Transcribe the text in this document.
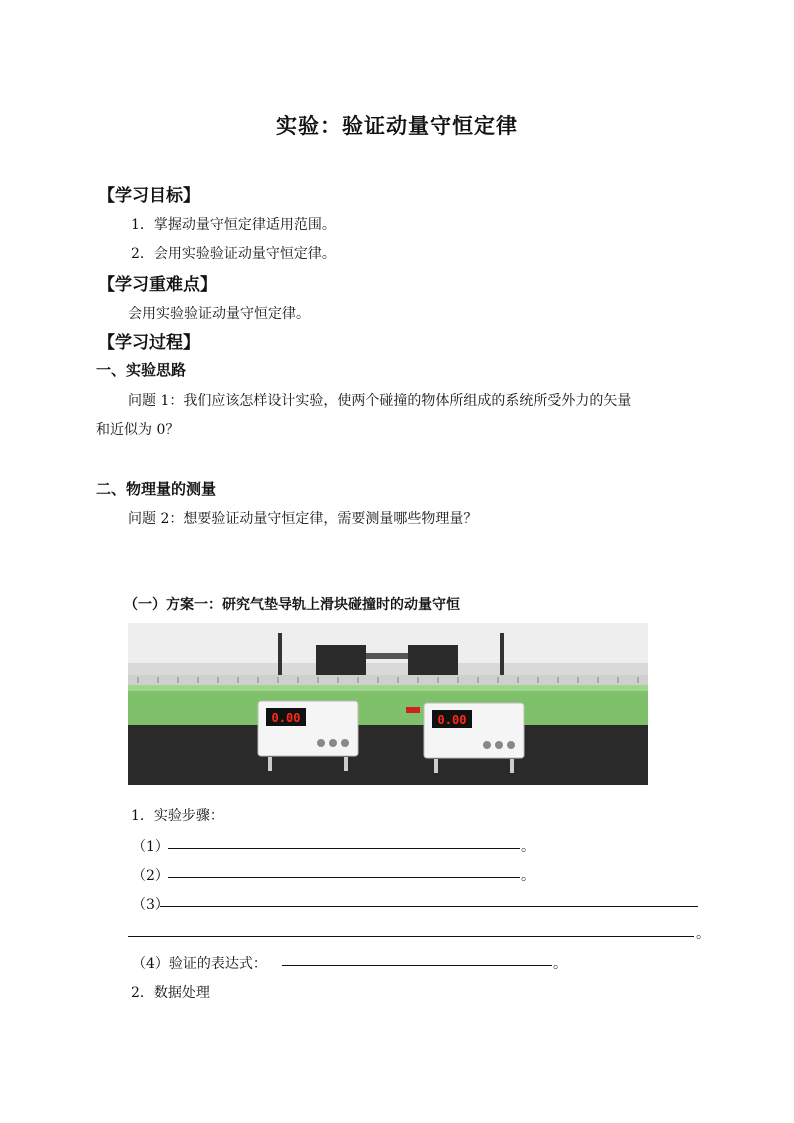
实验：验证动量守恒定律
【学习目标】
1．掌握动量守恒定律适用范围。
2．会用实验验证动量守恒定律。
【学习重难点】
会用实验验证动量守恒定律。
【学习过程】
一、实验思路
问题 1：我们应该怎样设计实验，使两个碰撞的物体所组成的系统所受外力的矢量
和近似为 0？
二、物理量的测量
问题 2：想要验证动量守恒定律，需要测量哪些物理量？
（一）方案一：研究气垫导轨上滑块碰撞时的动量守恒
0.00	0.00
1．实验步骤：
（1）	。
（2）	。
（3）
。
（4）验证的表达式：	。
2．数据处理
